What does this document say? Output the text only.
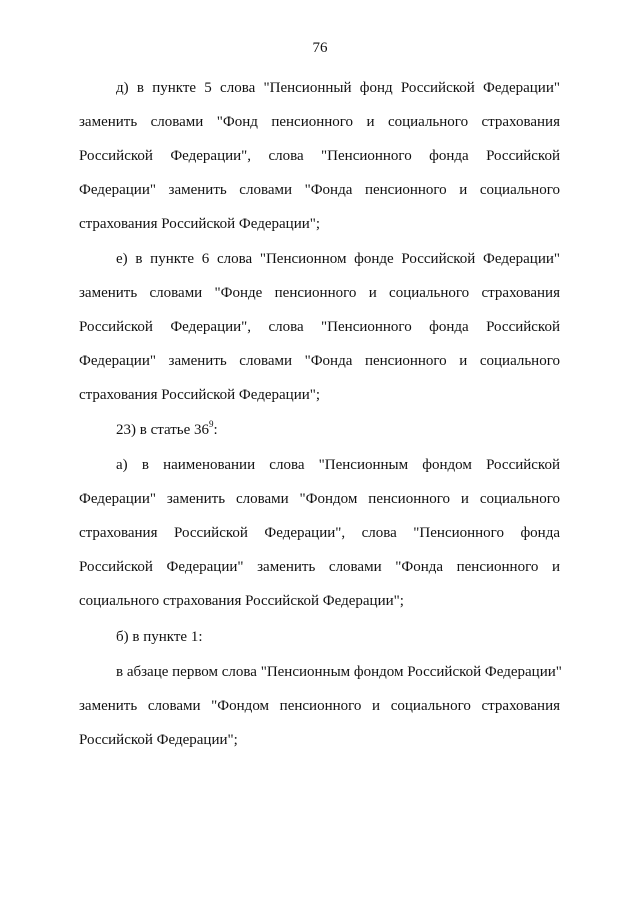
76
д) в пункте 5 слова "Пенсионный фонд Российской Федерации"
заменить словами "Фонд пенсионного и социального страхования
Российской Федерации", слова "Пенсионного фонда Российской
Федерации" заменить словами "Фонда пенсионного и социального
страхования Российской Федерации";
е) в пункте 6 слова "Пенсионном фонде Российской Федерации"
заменить словами "Фонде пенсионного и социального страхования
Российской Федерации", слова "Пенсионного фонда Российской
Федерации" заменить словами "Фонда пенсионного и социального
страхования Российской Федерации";
23) в статье $36^9$:
а) в наименовании слова "Пенсионным фондом Российской
Федерации" заменить словами "Фондом пенсионного и социального
страхования Российской Федерации", слова "Пенсионного фонда
Российской Федерации" заменить словами "Фонда пенсионного и
социального страхования Российской Федерации";
б) в пункте 1:
в абзаце первом слова "Пенсионным фондом Российской Федерации"
заменить словами "Фондом пенсионного и социального страхования
Российской Федерации";
